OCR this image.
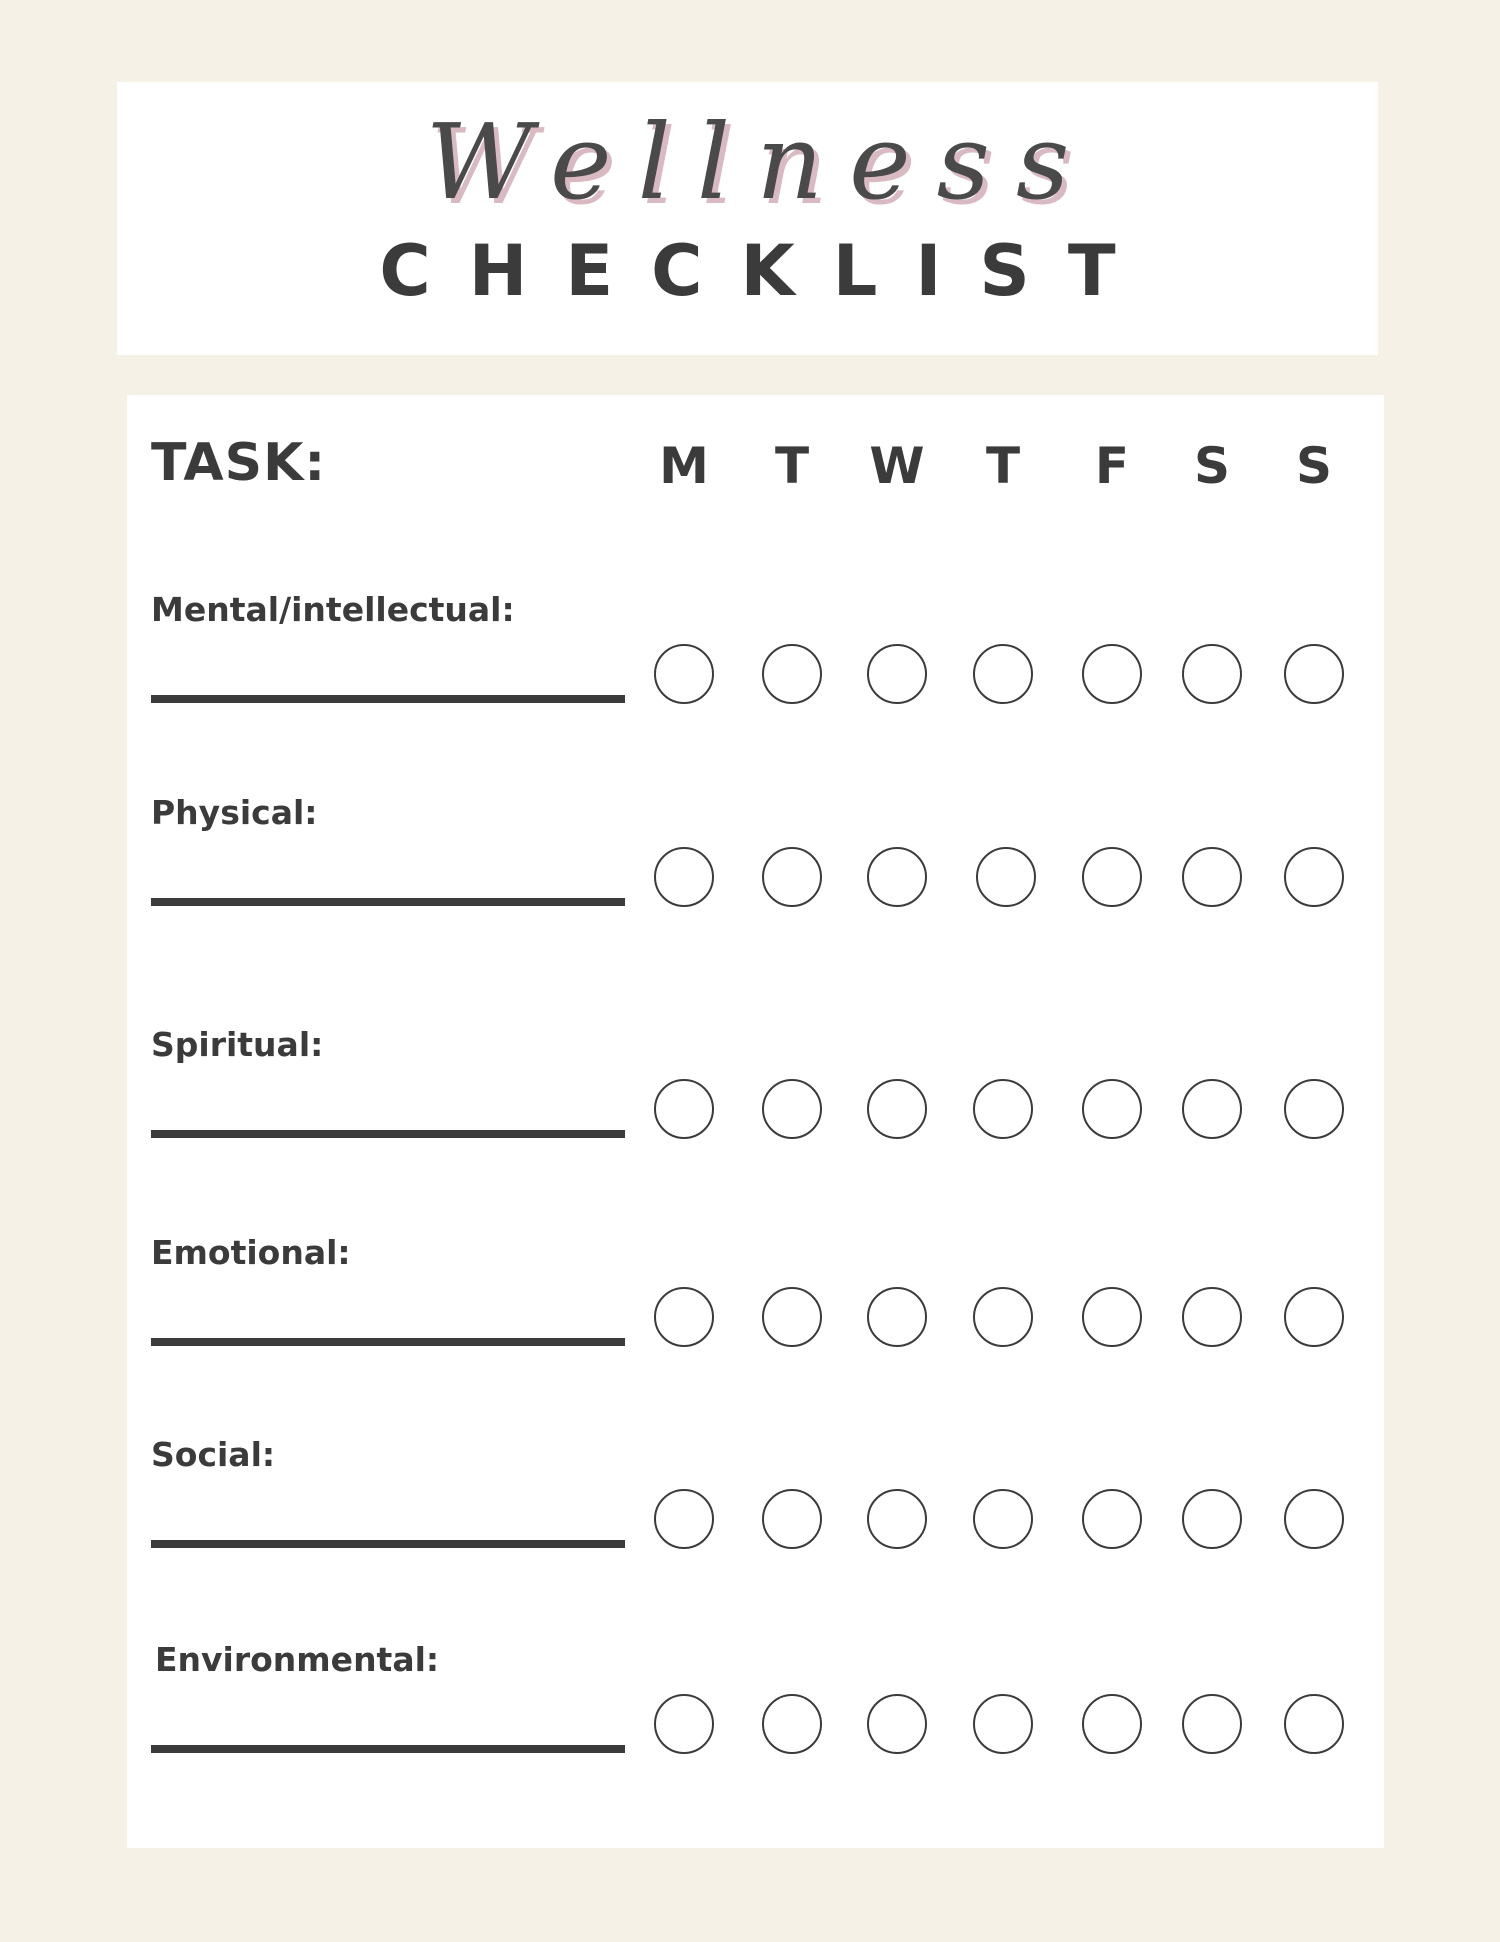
Wellness
CHECKLIST
TASK:	M T W T F S S
Mental/intellectual:
Physical:
Spiritual:
Emotional:
Social:
Environmental:
